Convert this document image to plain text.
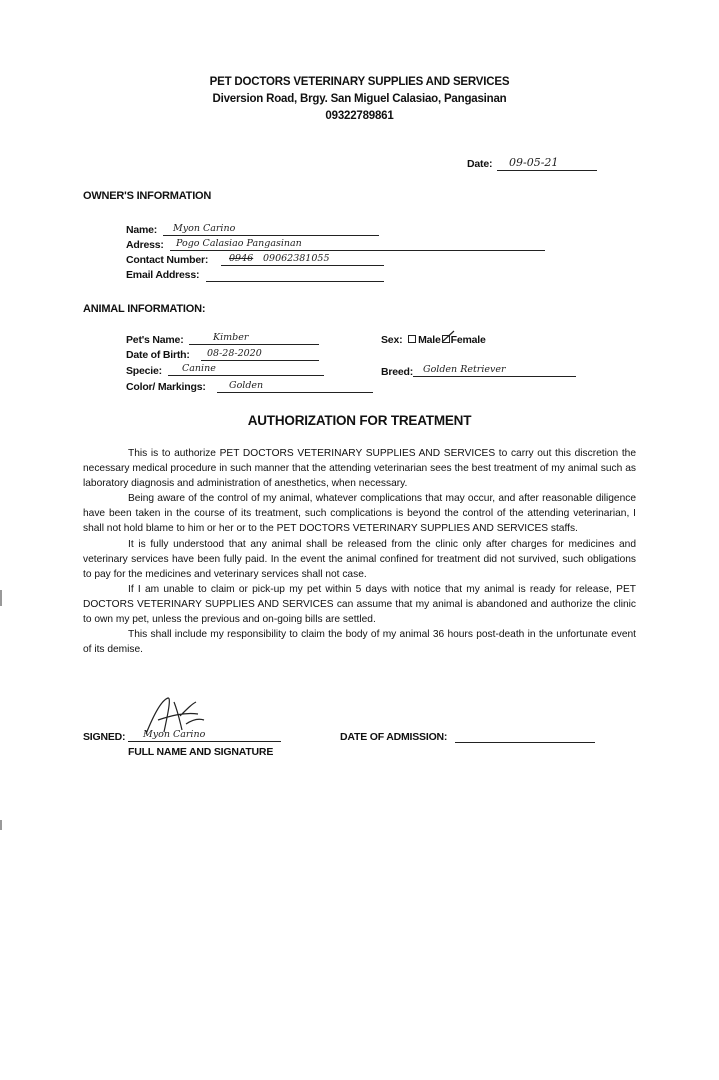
PET DOCTORS VETERINARY SUPPLIES AND SERVICES
Diversion Road, Brgy. San Miguel Calasiao, Pangasinan
09322789861
Date: 09-05-21
OWNER'S INFORMATION
Name: Myon Carino
Adress: Pogo Calasiao Pangasinan
Contact Number: 0946 09062381055
Email Address:
ANIMAL INFORMATION:
Pet's Name:	Kimber
Date of Birth: 08-28-2020
Specie: Canine
Color/ Markings: Golden
Sex: Male Female
Breed: Golden Retriever
AUTHORIZATION FOR TREATMENT

This is to authorize PET DOCTORS VETERINARY SUPPLIES AND SERVICES to carry out this discretion the necessary medical procedure in such manner that the attending veterinarian sees the best treatment of my animal such as laboratory diagnosis and administration of anesthetics, when necessary.

Being aware of the control of my animal, whatever complications that may occur, and after reasonable diligence have been taken in the course of its treatment, such complications is beyond the control of the attending veterinarian, I shall not hold blame to him or her or to the PET DOCTORS VETERINARY SUPPLIES AND SERVICES staffs.

It is fully understood that any animal shall be released from the clinic only after charges for medicines and veterinary services have been fully paid. In the event the animal confined for treatment did not survived, such obligations to pay for the medicines and veterinary services shall not case.

If I am unable to claim or pick-up my pet within 5 days with notice that my animal is ready for release, PET DOCTORS VETERINARY SUPPLIES AND SERVICES can assume that my animal is abandoned and authorize the clinic to own my pet, unless the previous and on-going bills are settled.

This shall include my responsibility to claim the body of my animal 36 hours post-death in the unfortunate event of its demise.

SIGNED: Myon Carino
FULL NAME AND SIGNATURE
DATE OF ADMISSION:
